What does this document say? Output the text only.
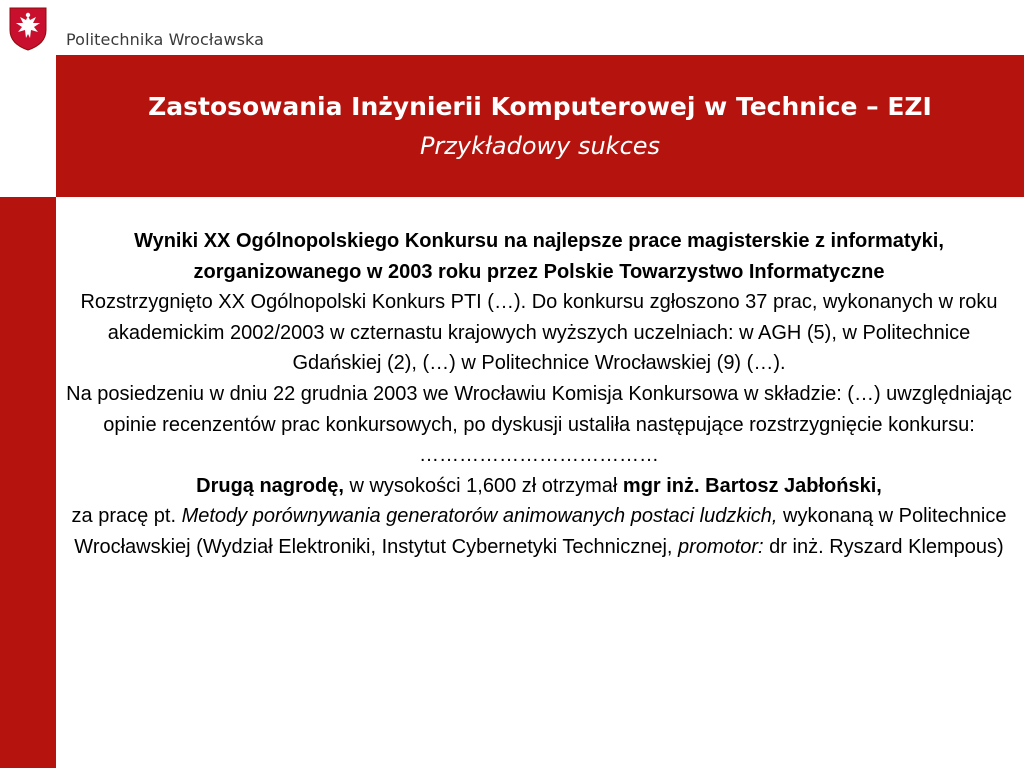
Politechnika Wrocławska
Zastosowania Inżynierii Komputerowej w Technice – EZI
Przykładowy sukces

Wyniki XX Ogólnopolskiego Konkursu na najlepsze prace magisterskie z informatyki, zorganizowanego w 2003 roku przez Polskie Towarzystwo Informatyczne

Rozstrzygnięto XX Ogólnopolski Konkurs PTI (…). Do konkursu zgłoszono 37 prac, wykonanych w roku akademickim 2002/2003 w czternastu krajowych wyższych uczelniach: w AGH (5), w Politechnice Gdańskiej (2), (…) w Politechnice Wrocławskiej (9) (…).

Na posiedzeniu w dniu 22 grudnia 2003 we Wrocławiu Komisja Konkursowa w składzie: (…) uwzględniając opinie recenzentów prac konkursowych, po dyskusji ustaliła następujące rozstrzygnięcie konkursu:

………………………………

Drugą nagrodę, w wysokości 1,600 zł otrzymał mgr inż. Bartosz Jabłoński,

za pracę pt. Metody porównywania generatorów animowanych postaci ludzkich, wykonaną w Politechnice Wrocławskiej (Wydział Elektroniki, Instytut Cybernetyki Technicznej, promotor: dr inż. Ryszard Klempous)
